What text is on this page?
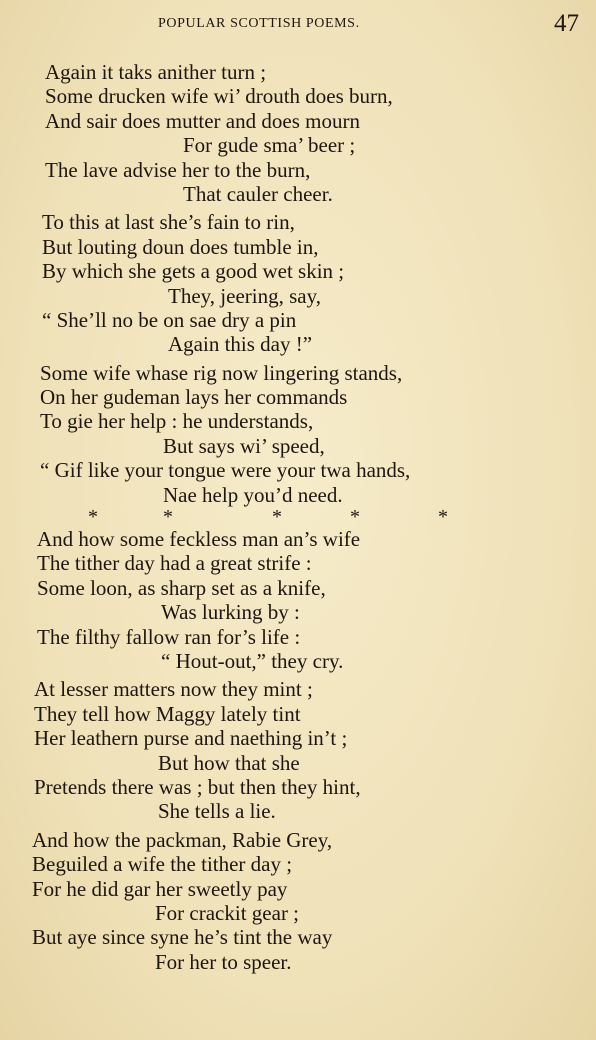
POPULAR SCOTTISH POEMS.	47
Again it taks anither turn ;
Some drucken wife wi’ drouth does burn,
And sair does mutter and does mourn
For gude sma’ beer ;
The lave advise her to the burn,
That cauler cheer.
To this at last she’s fain to rin,
But louting doun does tumble in,
By which she gets a good wet skin ;
They, jeering, say,
“ She’ll no be on sae dry a pin
Again this day !”
Some wife whase rig now lingering stands,
On her gudeman lays her commands
To gie her help : he understands,
But says wi’ speed,
“ Gif like your tongue were your twa hands,
Nae help you’d need.
*	*	*	*	*
And how some feckless man an’s wife
The tither day had a great strife :
Some loon, as sharp set as a knife,
Was lurking by :
The filthy fallow ran for’s life :
“ Hout-out,” they cry.
At lesser matters now they mint ;
They tell how Maggy lately tint
Her leathern purse and naething in’t ;
But how that she
Pretends there was ; but then they hint,
She tells a lie.
And how the packman, Rabie Grey,
Beguiled a wife the tither day ;
For he did gar her sweetly pay
For crackit gear ;
But aye since syne he’s tint the way
For her to speer.
